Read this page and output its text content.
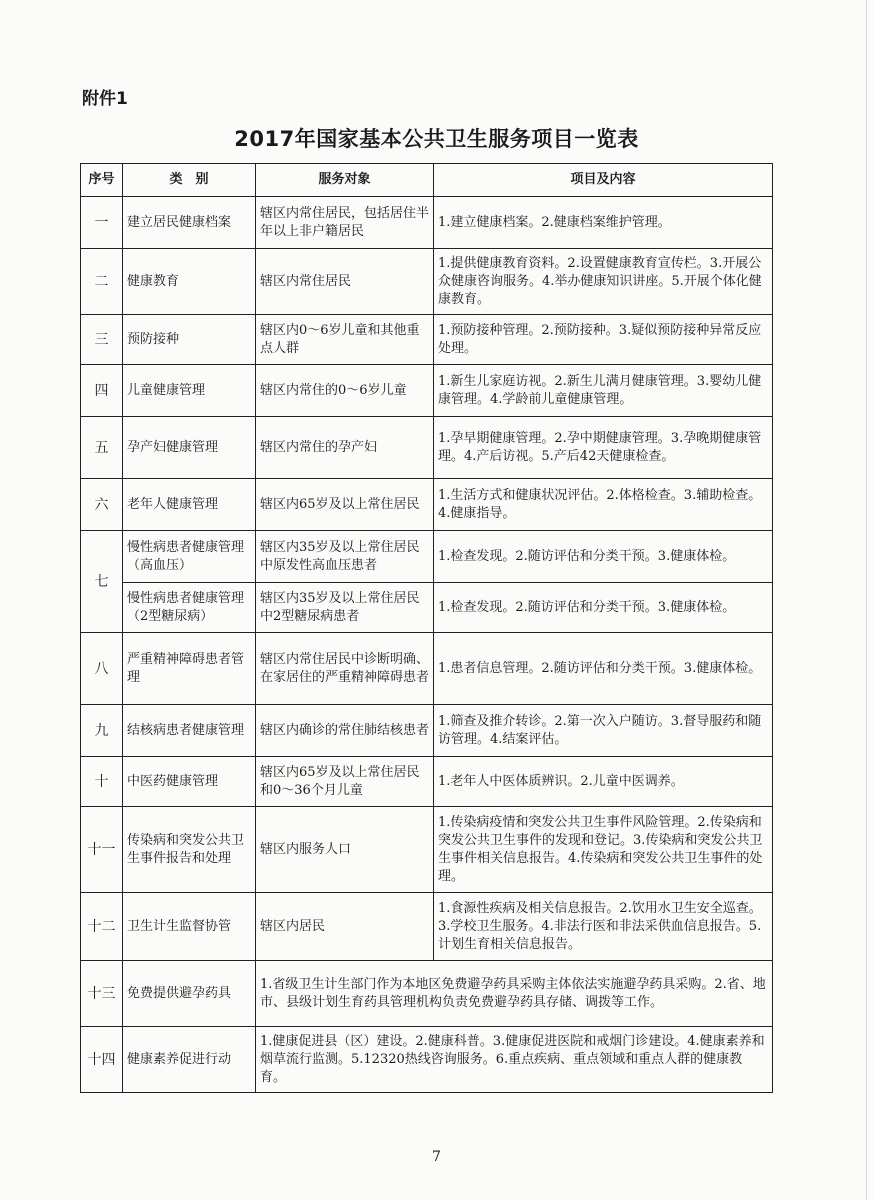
附件1
2017年国家基本公共卫生服务项目一览表
序号	类　别	服务对象	项目及内容
一	建立居民健康档案	辖区内常住居民，包括居住半年以上非户籍居民	1.建立健康档案。2.健康档案维护管理。
二	健康教育	辖区内常住居民	1.提供健康教育资料。2.设置健康教育宣传栏。3.开展公众健康咨询服务。4.举办健康知识讲座。5.开展个体化健康教育。
三	预防接种	辖区内0～6岁儿童和其他重点人群	1.预防接种管理。2.预防接种。3.疑似预防接种异常反应处理。
四	儿童健康管理	辖区内常住的0～6岁儿童	1.新生儿家庭访视。2.新生儿满月健康管理。3.婴幼儿健康管理。4.学龄前儿童健康管理。
五	孕产妇健康管理	辖区内常住的孕产妇	1.孕早期健康管理。2.孕中期健康管理。3.孕晚期健康管理。4.产后访视。5.产后42天健康检查。
六	老年人健康管理	辖区内65岁及以上常住居民	1.生活方式和健康状况评估。2.体格检查。3.辅助检查。4.健康指导。
七	慢性病患者健康管理（高血压）	辖区内35岁及以上常住居民中原发性高血压患者	1.检查发现。2.随访评估和分类干预。3.健康体检。
	慢性病患者健康管理（2型糖尿病）	辖区内35岁及以上常住居民中2型糖尿病患者	1.检查发现。2.随访评估和分类干预。3.健康体检。
八	严重精神障碍患者管理	辖区内常住居民中诊断明确、在家居住的严重精神障碍患者	1.患者信息管理。2.随访评估和分类干预。3.健康体检。
九	结核病患者健康管理	辖区内确诊的常住肺结核患者	1.筛查及推介转诊。2.第一次入户随访。3.督导服药和随访管理。4.结案评估。
十	中医药健康管理	辖区内65岁及以上常住居民和0～36个月儿童	1.老年人中医体质辨识。2.儿童中医调养。
十一	传染病和突发公共卫生事件报告和处理	辖区内服务人口	1.传染病疫情和突发公共卫生事件风险管理。2.传染病和突发公共卫生事件的发现和登记。3.传染病和突发公共卫生事件相关信息报告。4.传染病和突发公共卫生事件的处理。
十二	卫生计生监督协管	辖区内居民	1.食源性疾病及相关信息报告。2.饮用水卫生安全巡查。3.学校卫生服务。4.非法行医和非法采供血信息报告。5.计划生育相关信息报告。
十三	免费提供避孕药具	1.省级卫生计生部门作为本地区免费避孕药具采购主体依法实施避孕药具采购。2.省、地市、县级计划生育药具管理机构负责免费避孕药具存储、调拨等工作。	
十四	健康素养促进行动	1.健康促进县（区）建设。2.健康科普。3.健康促进医院和戒烟门诊建设。4.健康素养和烟草流行监测。5.12320热线咨询服务。6.重点疾病、重点领域和重点人群的健康教育。	
7
